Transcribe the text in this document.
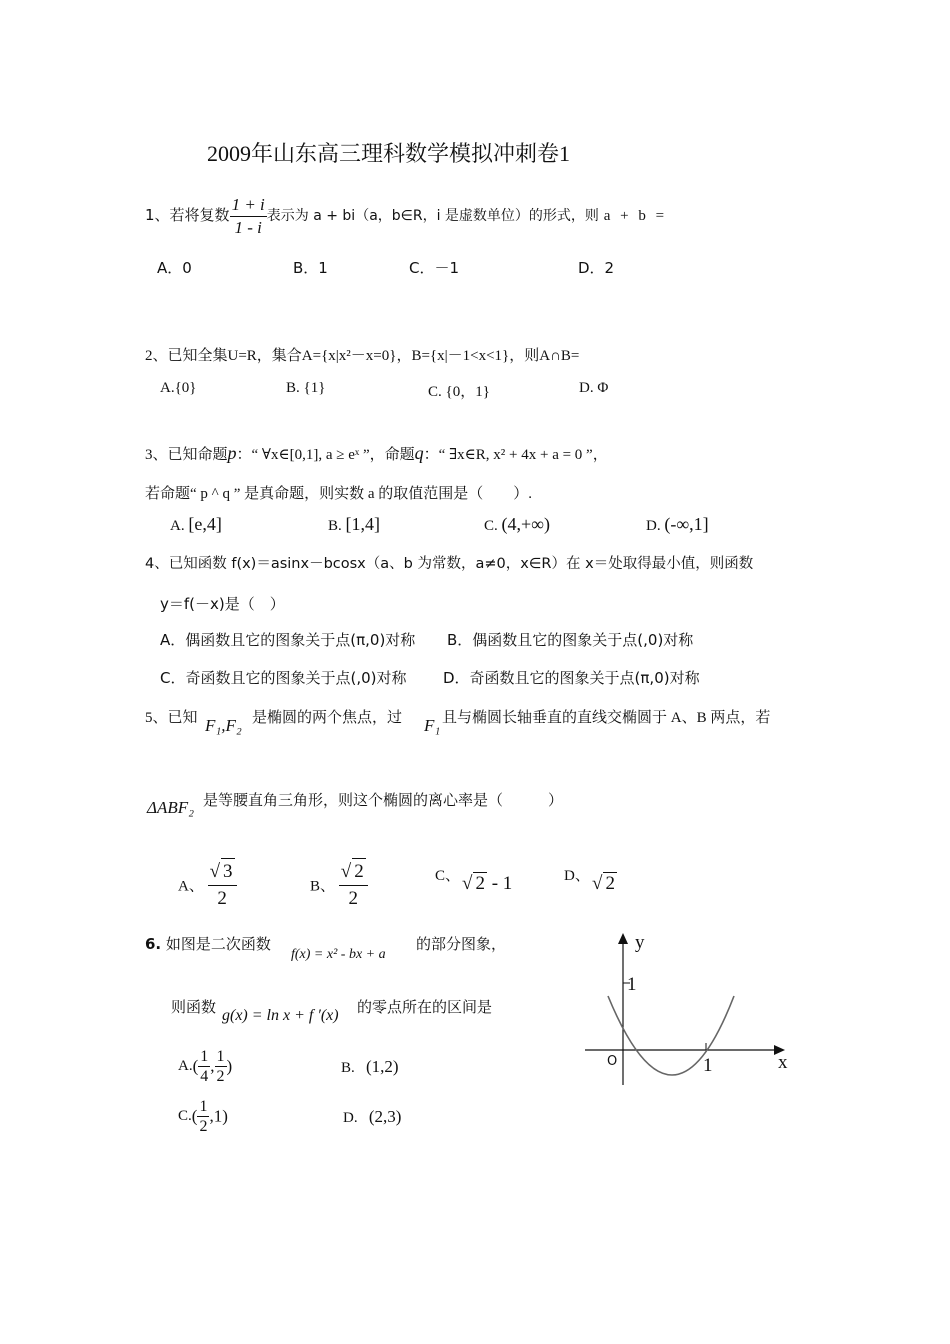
2009年山东高三理科数学模拟冲刺卷1
1、若将复数 $\frac{1 + i}{1 - i}$ 表示为 a + bi（a，b∈R，i 是虚数单位）的形式，则 a + b =
A．0	B．1	C．－1	D．2
2、已知全集U=R，集合A={x|x²－x=0}，B={x|－1<x<1}，则A∩B=
A.{0}	B. {1}	C. {0，1}	D. Φ
3、已知命题p：“ ∀x∈[0,1], a ≥ eˣ ”，命题q：“ ∃x∈R, x² + 4x + a = 0 ”，
若命题“ p ^ q ” 是真命题，则实数 a 的取值范围是（　　）.
A. [e,4]	B. [1,4]	C. (4,+∞)	D. (-∞,1]
4、已知函数 f(x)＝asinx－bcosx（a、b 为常数，a≠0，x∈R）在 x＝处取得最小值，则函数
y＝f(－x)是（　）
A．偶函数且它的图象关于点(π,0)对称 B．偶函数且它的图象关于点(,0)对称
C．奇函数且它的图象关于点(,0)对称 D．奇函数且它的图象关于点(π,0)对称
5、已知 F₁,F₂ 是椭圆的两个焦点，过 F₁ 且与椭圆长轴垂直的直线交椭圆于 A、B 两点，若
ΔABF₂ 是等腰直角三角形，则这个椭圆的离心率是（　　　）
A、 $\frac{√ 3}{2}$	B、 $\frac{√ 2}{2}$	C、 √ 2 - 1	D、 √ 2
6. 如图是二次函数
f(x) = x² - bx + a
的部分图象，
则函数 g(x) = ln x + f ′(x) 的零点所在的区间是
$A.( \frac{1}{4}$ , $\frac{1}{2}$ )	B. (1,2)
$C.( \frac{1}{2} ,1)$	D. (2,3)
y
x
O
1
1
